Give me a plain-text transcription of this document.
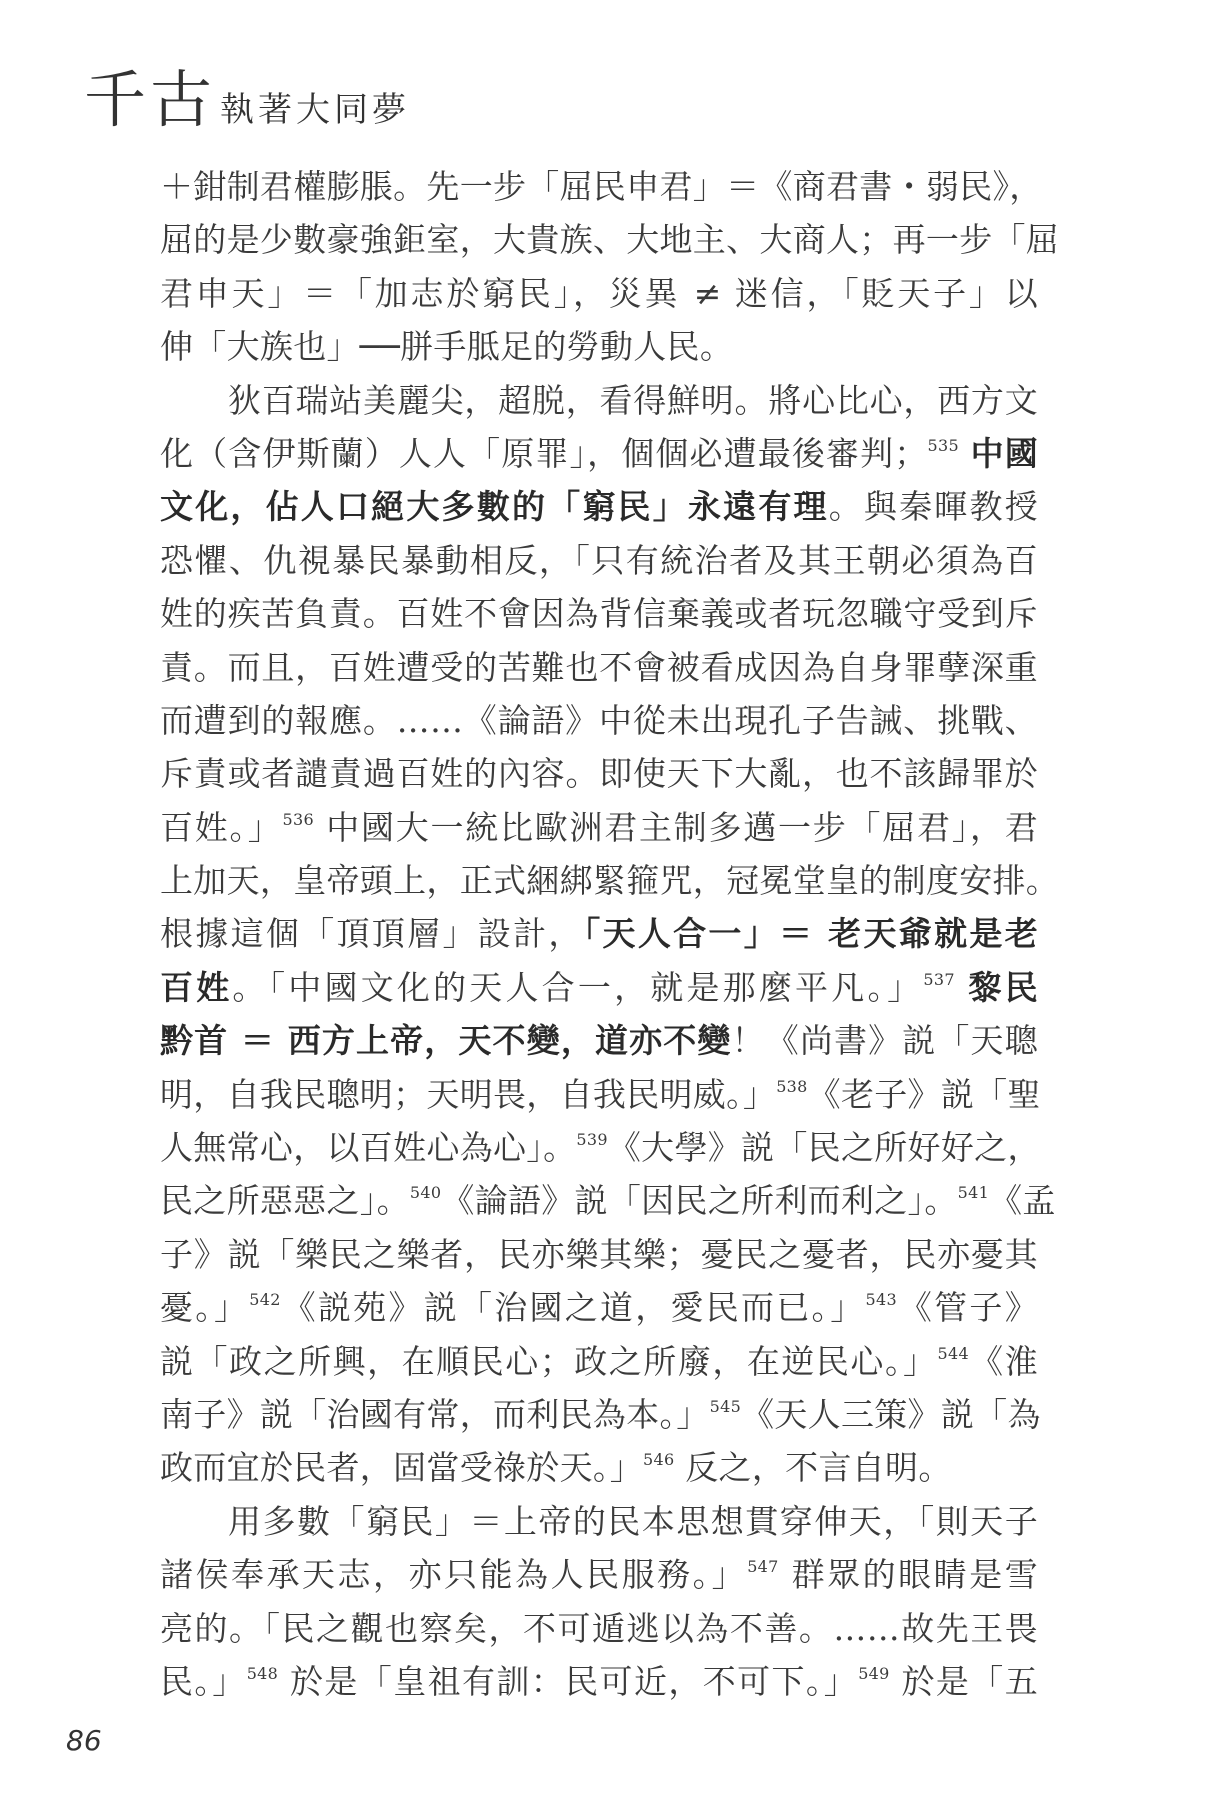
千古 執著大同夢
＋鉗制君權膨脹。先一步「屈民申君」＝《商君書・弱民》，
屈的是少數豪強鉅室，大貴族、大地主、大商人；再一步「屈
君申天」＝「加志於窮民」，災異 ≠ 迷信，「貶天子」以
伸「大族也」──胼手胝足的勞動人民。
狄百瑞站美麗尖，超脱，看得鮮明。將心比心，西方文
化（含伊斯蘭）人人「原罪」，個個必遭最後審判；$^{535}$ 中國
文化，佔人口絕大多數的「窮民」永遠有理。與秦暉教授
恐懼、仇視暴民暴動相反，「只有統治者及其王朝必須為百
姓的疾苦負責。百姓不會因為背信棄義或者玩忽職守受到斥
責。而且，百姓遭受的苦難也不會被看成因為自身罪孽深重
而遭到的報應。……《論語》中從未出現孔子告誡、挑戰、
斥責或者譴責過百姓的內容。即使天下大亂，也不該歸罪於
百姓。」$^{536}$ 中國大一統比歐洲君主制多邁一步「屈君」，君
上加天，皇帝頭上，正式綑綁緊箍咒，冠冕堂皇的制度安排。
根據這個「頂頂層」設計，「天人合一」＝ 老天爺就是老
百姓。「中國文化的天人合一，就是那麼平凡。」$^{537}$ 黎民
黔首 ＝ 西方上帝，天不變，道亦不變！《尚書》説「天聰
明，自我民聰明；天明畏，自我民明威。」$^{538}$《老子》説「聖
人無常心，以百姓心為心」。$^{539}$《大學》説「民之所好好之，
民之所惡惡之」。$^{540}$《論語》説「因民之所利而利之」。$^{541}$《孟
子》説「樂民之樂者，民亦樂其樂；憂民之憂者，民亦憂其
憂。」$^{542}$《説苑》説「治國之道，愛民而已。」$^{543}$《管子》
説「政之所興，在順民心；政之所廢，在逆民心。」$^{544}$《淮
南子》説「治國有常，而利民為本。」$^{545}$《天人三策》説「為
政而宜於民者，固當受祿於天。」$^{546}$ 反之，不言自明。
用多數「窮民」＝上帝的民本思想貫穿伸天，「則天子
諸侯奉承天志，亦只能為人民服務。」$^{547}$ 群眾的眼睛是雪
亮的。「民之觀也察矣，不可遁逃以為不善。……故先王畏
民。」$^{548}$ 於是「皇祖有訓：民可近，不可下。」$^{549}$ 於是「五
86
